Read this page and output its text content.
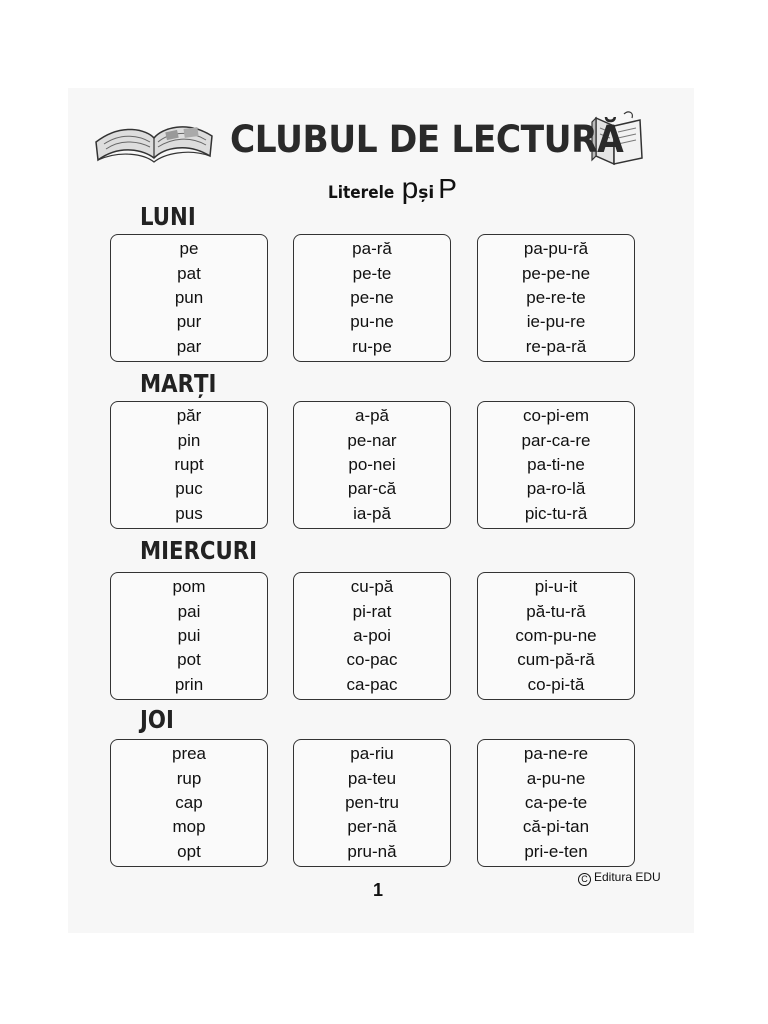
CLUBUL DE LECTURĂ
Literele pși P
LUNI
pe
pat
pun
pur
par
pa-ră
pe-te
pe-ne
pu-ne
ru-pe
pa-pu-ră
pe-pe-ne
pe-re-te
ie-pu-re
re-pa-ră
MARȚI
păr
pin
rupt
puc
pus
a-pă
pe-nar
po-nei
par-că
ia-pă
co-pi-em
par-ca-re
pa-ti-ne
pa-ro-lă
pic-tu-ră
MIERCURI
pom
pai
pui
pot
prin
cu-pă
pi-rat
a-poi
co-pac
ca-pac
pi-u-it
pă-tu-ră
com-pu-ne
cum-pă-ră
co-pi-tă
JOI
prea
rup
cap
mop
opt
pa-riu
pa-teu
pen-tru
per-nă
pru-nă
pa-ne-re
a-pu-ne
ca-pe-te
că-pi-tan
pri-e-ten
C Editura EDU
1
